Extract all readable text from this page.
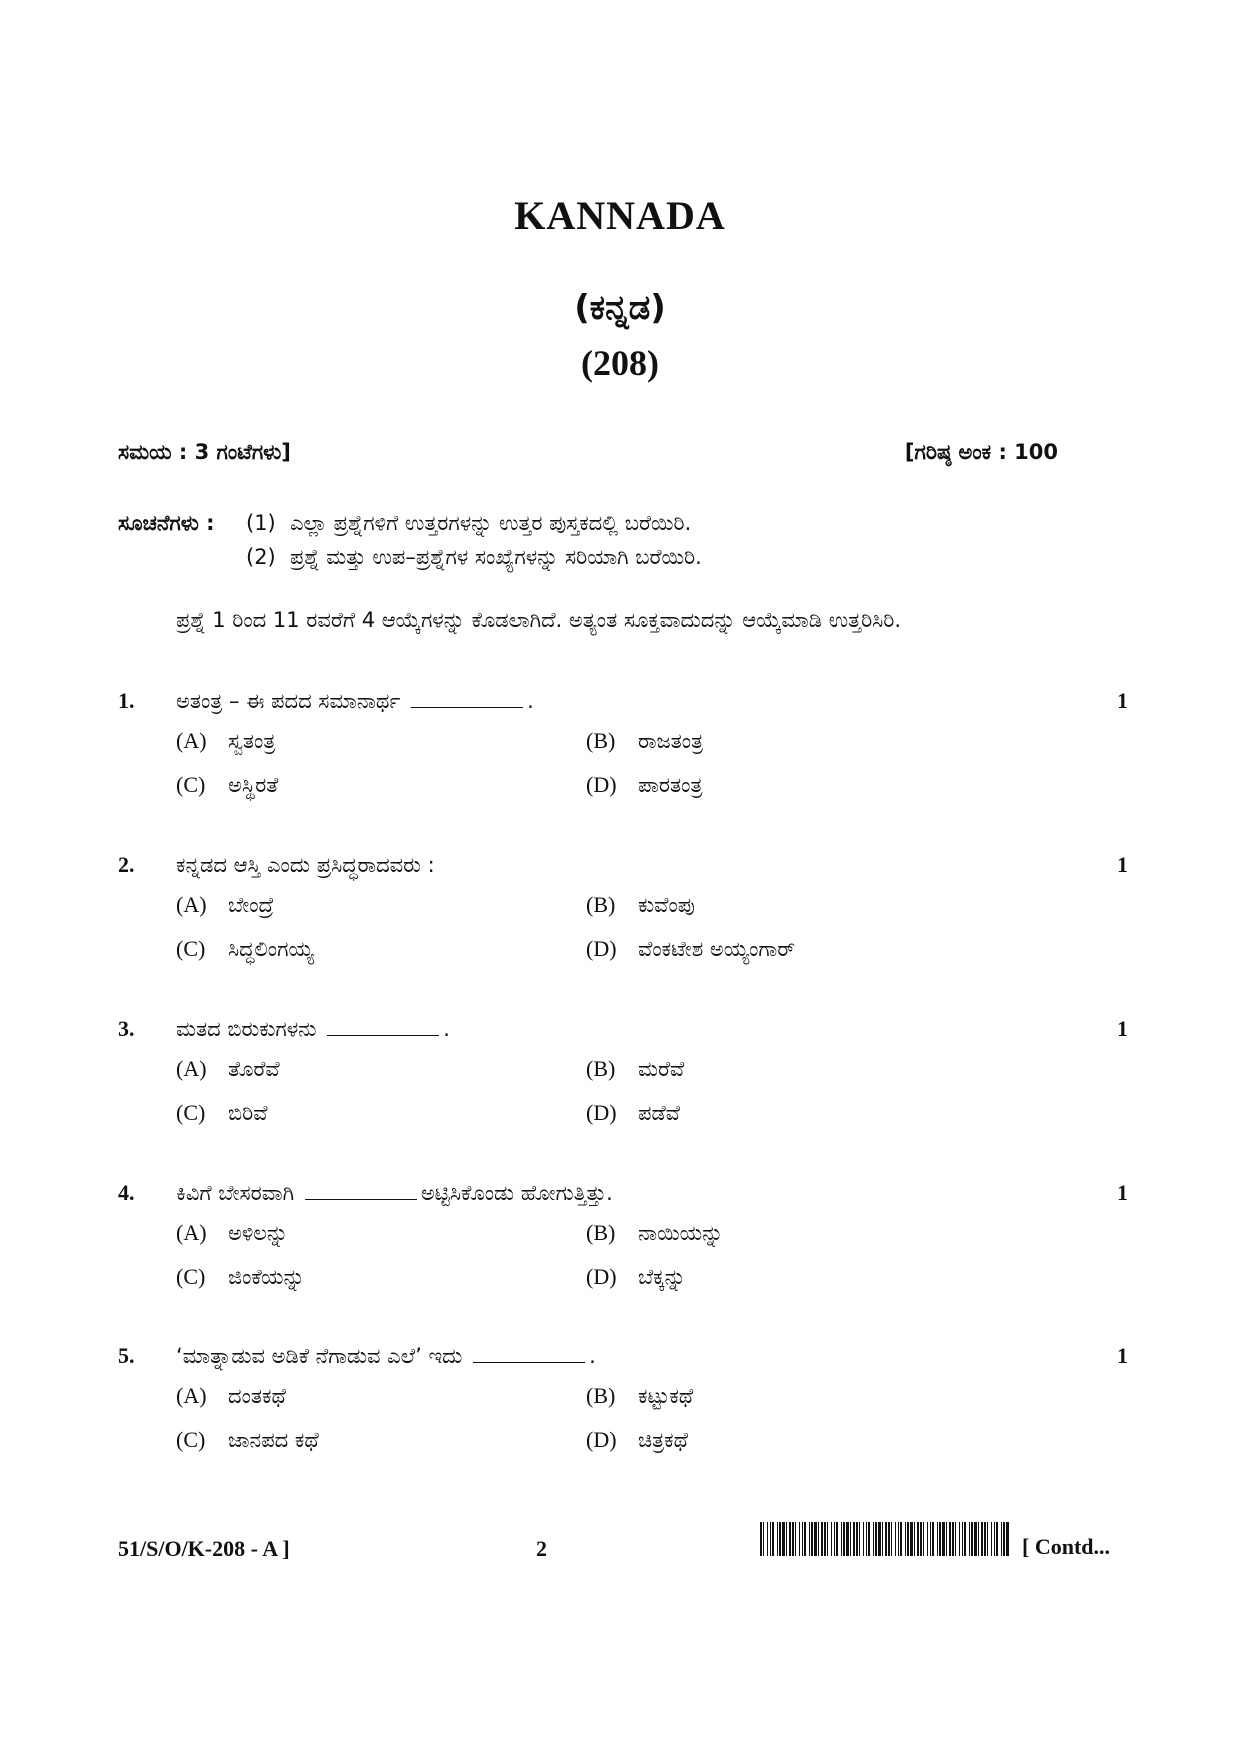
KANNADA
(ಕನ್ನಡ)
(208)
ಸಮಯ : 3 ಗಂಟೆಗಳು]	[ಗರಿಷ್ಠ ಅಂಕ : 100
ಸೂಚನೆಗಳು :	(1) ಎಲ್ಲಾ ಪ್ರಶ್ನೆಗಳಿಗೆ ಉತ್ತರಗಳನ್ನು ಉತ್ತರ ಪುಸ್ತಕದಲ್ಲಿ ಬರೆಯಿರಿ.
(2) ಪ್ರಶ್ನೆ ಮತ್ತು ಉಪ–ಪ್ರಶ್ನೆಗಳ ಸಂಖ್ಯೆಗಳನ್ನು ಸರಿಯಾಗಿ ಬರೆಯಿರಿ.
ಪ್ರಶ್ನೆ 1 ರಿಂದ 11 ರವರೆಗೆ 4 ಆಯ್ಕೆಗಳನ್ನು ಕೊಡಲಾಗಿದೆ. ಅತ್ಯಂತ ಸೂಕ್ತವಾದುದನ್ನು ಆಯ್ಕೆಮಾಡಿ ಉತ್ತರಿಸಿರಿ.
1.	ಅತಂತ್ರ – ಈ ಪದದ ಸಮಾನಾರ್ಥ	.	1
(A)	ಸ್ವತಂತ್ರ	(B)	ರಾಜತಂತ್ರ
(C)	ಅಸ್ಥಿರತೆ	(D)	ಪಾರತಂತ್ರ
2.	ಕನ್ನಡದ ಆಸ್ತಿ ಎಂದು ಪ್ರಸಿದ್ಧರಾದವರು :	1
(A)	ಬೇಂದ್ರೆ	(B)	ಕುವೆಂಪು
(C)	ಸಿದ್ಧಲಿಂಗಯ್ಯ	(D)	ವೆಂಕಟೇಶ ಅಯ್ಯಂಗಾರ್
3.	ಮತದ ಬಿರುಕುಗಳನು	.	1
(A)	ತೊರೆವೆ	(B)	ಮರೆವೆ
(C)	ಬಿರಿವೆ	(D)	ಪಡೆವೆ
4.	ಕಿವಿಗೆ ಬೇಸರವಾಗಿ	ಅಟ್ಟಿಸಿಕೊಂಡು ಹೋಗುತ್ತಿತ್ತು.	1
(A)	ಅಳಿಲನ್ನು	(B)	ನಾಯಿಯನ್ನು
(C)	ಜಿಂಕೆಯನ್ನು	(D)	ಬೆಕ್ಕನ್ನು
5.	‘ಮಾತ್ನಾಡುವ ಅಡಿಕೆ ನೆಗಾಡುವ ಎಲೆ’ ಇದು	.	1
(A)	ದಂತಕಥೆ	(B)	ಕಟ್ಟುಕಥೆ
(C)	ಜಾನಪದ ಕಥೆ	(D)	ಚಿತ್ರಕಥೆ
51/S/O/K-208 - A ]	2	[ Contd...
